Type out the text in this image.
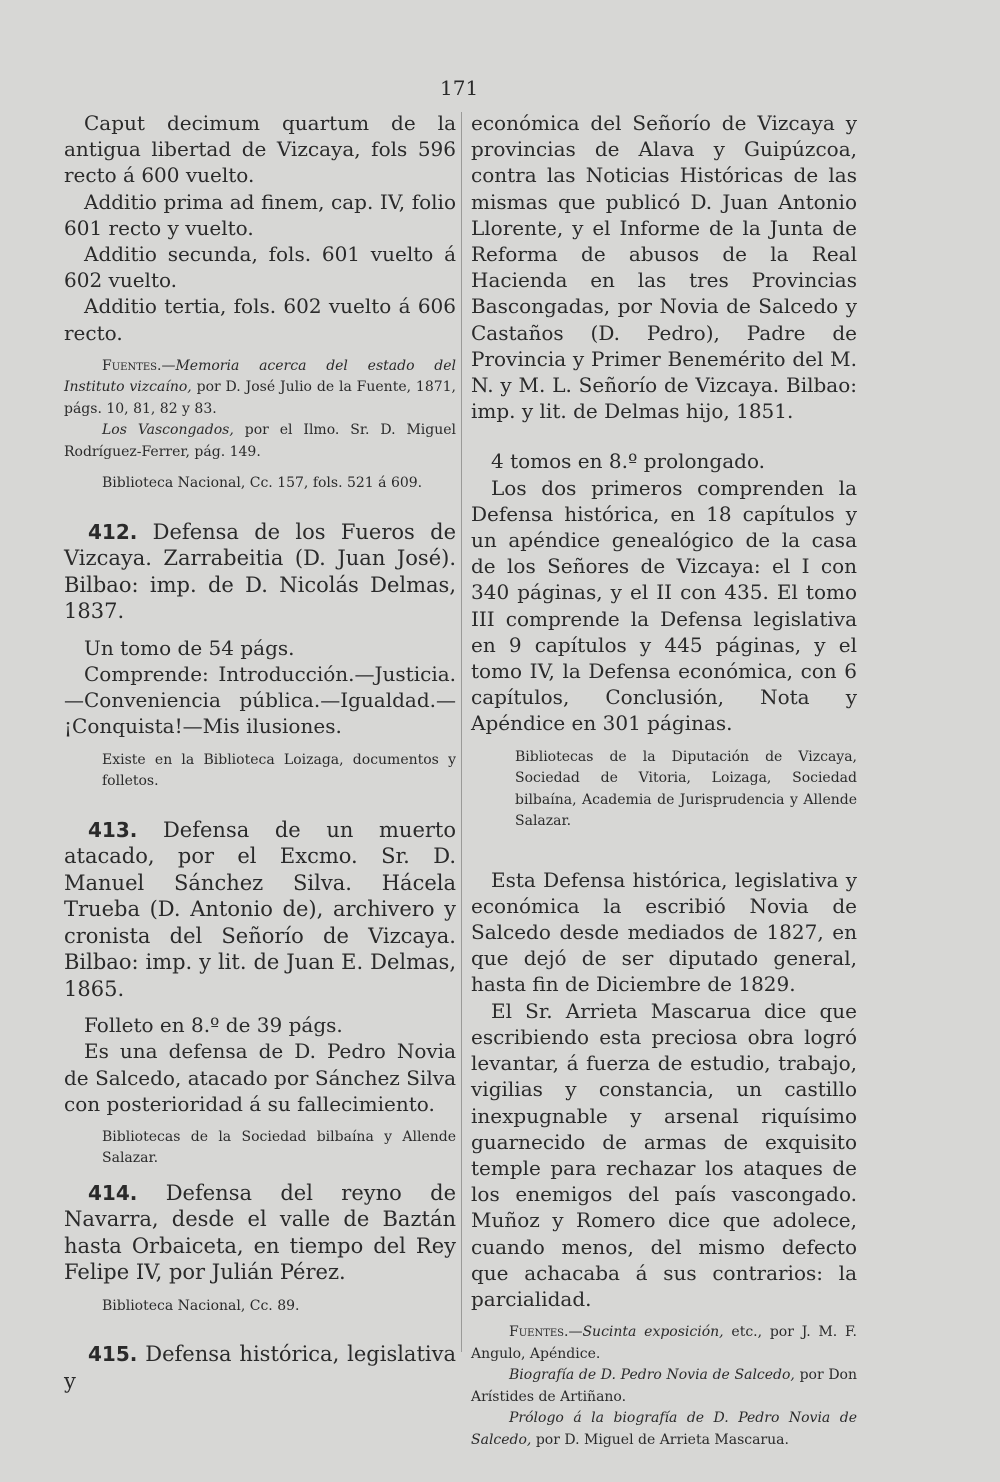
171

Caput decimum quartum de la antigua libertad de Vizcaya, fols 596 recto á 600 vuelto.

Additio prima ad finem, cap. IV, folio 601 recto y vuelto.

Additio secunda, fols. 601 vuelto á 602 vuelto.

Additio tertia, fols. 602 vuelto á 606 recto.

Fuentes.—Memoria acerca del estado del Instituto vizcaíno, por D. José Julio de la Fuente, 1871, págs. 10, 81, 82 y 83.

Los Vascongados, por el Ilmo. Sr. D. Miguel Rodríguez-Ferrer, pág. 149.

Biblioteca Nacional, Cc. 157, fols. 521 á 609.

412. Defensa de los Fueros de Vizcaya. Zarrabeitia (D. Juan José). Bilbao: imp. de D. Nicolás Delmas, 1837.

Un tomo de 54 págs.

Comprende: Introducción.—Justicia.—Conveniencia pública.—Igualdad.—¡Conquista!—Mis ilusiones.

Existe en la Biblioteca Loizaga, documentos y folletos.

413. Defensa de un muerto atacado, por el Excmo. Sr. D. Manuel Sánchez Silva. Hácela Trueba (D. Antonio de), archivero y cronista del Señorío de Vizcaya. Bilbao: imp. y lit. de Juan E. Delmas, 1865.

Folleto en 8.º de 39 págs.

Es una defensa de D. Pedro Novia de Salcedo, atacado por Sánchez Silva con posterioridad á su fallecimiento.

Bibliotecas de la Sociedad bilbaína y Allende Salazar.

414. Defensa del reyno de Navarra, desde el valle de Baztán hasta Orbaiceta, en tiempo del Rey Felipe IV, por Julián Pérez.

Biblioteca Nacional, Cc. 89.

415. Defensa histórica, legislativa y

económica del Señorío de Vizcaya y provincias de Alava y Guipúzcoa, contra las Noticias Históricas de las mismas que publicó D. Juan Antonio Llorente, y el Informe de la Junta de Reforma de abusos de la Real Hacienda en las tres Provincias Bascongadas, por Novia de Salcedo y Castaños (D. Pedro), Padre de Provincia y Primer Benemérito del M. N. y M. L. Señorío de Vizcaya. Bilbao: imp. y lit. de Delmas hijo, 1851.

4 tomos en 8.º prolongado.

Los dos primeros comprenden la Defensa histórica, en 18 capítulos y un apéndice genealógico de la casa de los Señores de Vizcaya: el I con 340 páginas, y el II con 435. El tomo III comprende la Defensa legislativa en 9 capítulos y 445 páginas, y el tomo IV, la Defensa económica, con 6 capítulos, Conclusión, Nota y Apéndice en 301 páginas.

Bibliotecas de la Diputación de Vizcaya, Sociedad de Vitoria, Loizaga, Sociedad bilbaína, Academia de Jurisprudencia y Allende Salazar.

Esta Defensa histórica, legislativa y económica la escribió Novia de Salcedo desde mediados de 1827, en que dejó de ser diputado general, hasta fin de Diciembre de 1829.

El Sr. Arrieta Mascarua dice que escribiendo esta preciosa obra logró levantar, á fuerza de estudio, trabajo, vigilias y constancia, un castillo inexpugnable y arsenal riquísimo guarnecido de armas de exquisito temple para rechazar los ataques de los enemigos del país vascongado. Muñoz y Romero dice que adolece, cuando menos, del mismo defecto que achacaba á sus contrarios: la parcialidad.

Fuentes.—Sucinta exposición, etc., por J. M. F. Angulo, Apéndice.

Biografía de D. Pedro Novia de Salcedo, por Don Arístides de Artiñano.

Prólogo á la biografía de D. Pedro Novia de Salcedo, por D. Miguel de Arrieta Mascarua.
